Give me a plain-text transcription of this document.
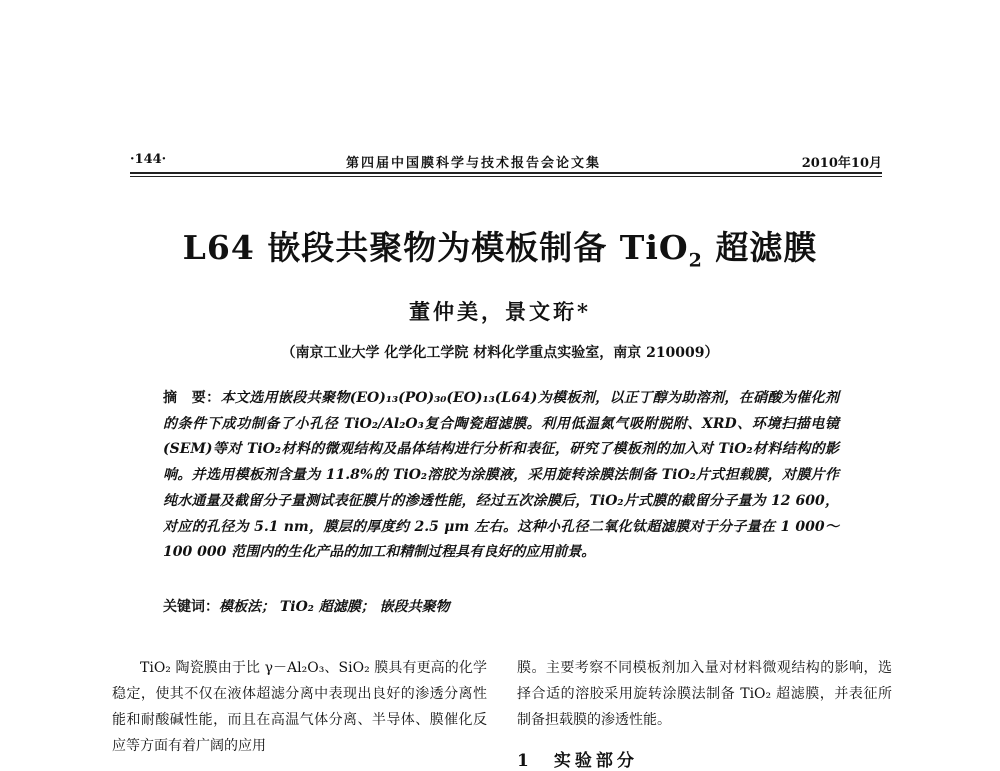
·144·	第四届中国膜科学与技术报告会论文集	2010年10月
L64 嵌段共聚物为模板制备 TiO$_2$ 超滤膜
董仲美，景文珩*
（南京工业大学 化学化工学院 材料化学重点实验室，南京 210009）
摘　要：本文选用嵌段共聚物(EO)₁₃(PO)₃₀(EO)₁₃(L64)为模板剂，以正丁醇为助溶剂，在硝酸为催化剂的条件下成功制备了小孔径 TiO₂/Al₂O₃复合陶瓷超滤膜。利用低温氮气吸附脱附、XRD、环境扫描电镜(SEM)等对 TiO₂材料的微观结构及晶体结构进行分析和表征，研究了模板剂的加入对 TiO₂材料结构的影响。并选用模板剂含量为 11.8%的 TiO₂溶胶为涂膜液，采用旋转涂膜法制备 TiO₂片式担载膜，对膜片作纯水通量及截留分子量测试表征膜片的渗透性能，经过五次涂膜后，TiO₂片式膜的截留分子量为 12 600，对应的孔径为 5.1 nm，膜层的厚度约 2.5 μm 左右。这种小孔径二氧化钛超滤膜对于分子量在 1 000～100 000 范围内的生化产品的加工和精制过程具有良好的应用前景。
关键词：模板法； TiO₂ 超滤膜； 嵌段共聚物

TiO₂ 陶瓷膜由于比 γ－Al₂O₃、SiO₂ 膜具有更高的化学稳定，使其不仅在液体超滤分离中表现出良好的渗透分离性能和耐酸碱性能，而且在高温气体分离、半导体、膜催化反应等方面有着广阔的应用

膜。主要考察不同模板剂加入量对材料微观结构的影响，选择合适的溶胶采用旋转涂膜法制备 TiO₂ 超滤膜，并表征所制备担载膜的渗透性能。

1　实验部分
